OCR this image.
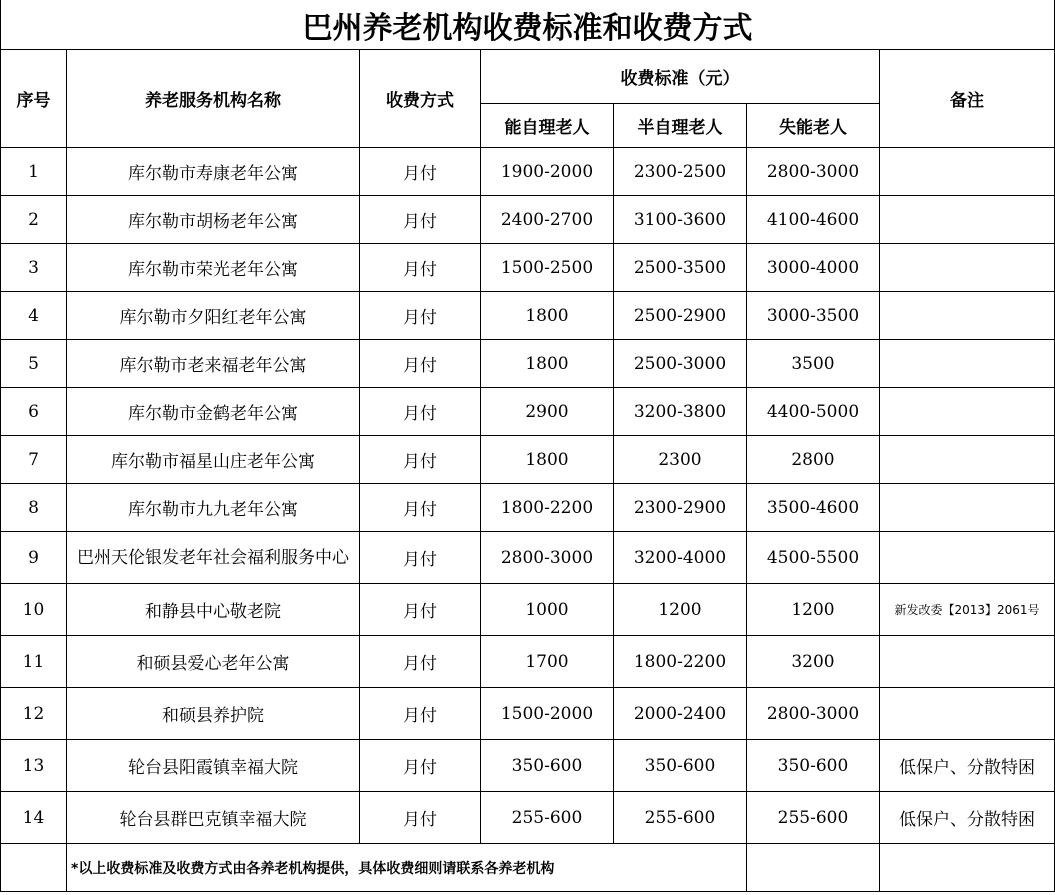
巴州养老机构收费标准和收费方式						
序号	养老服务机构名称	收费方式	收费标准（元）			备注
			能自理老人	半自理老人	失能老人	
1	库尔勒市寿康老年公寓	月付	1900-2000	2300-2500	2800-3000	
2	库尔勒市胡杨老年公寓	月付	2400-2700	3100-3600	4100-4600	
3	库尔勒市荣光老年公寓	月付	1500-2500	2500-3500	3000-4000	
4	库尔勒市夕阳红老年公寓	月付	1800	2500-2900	3000-3500	
5	库尔勒市老来福老年公寓	月付	1800	2500-3000	3500	
6	库尔勒市金鹤老年公寓	月付	2900	3200-3800	4400-5000	
7	库尔勒市福星山庄老年公寓	月付	1800	2300	2800	
8	库尔勒市九九老年公寓	月付	1800-2200	2300-2900	3500-4600	
9	巴州天伦银发老年社会福利服务中心	月付	2800-3000	3200-4000	4500-5500	
10	和静县中心敬老院	月付	1000	1200	1200	新发改委【2013】2061号
11	和硕县爱心老年公寓	月付	1700	1800-2200	3200	
12	和硕县养护院	月付	1500-2000	2000-2400	2800-3000	
13	轮台县阳霞镇幸福大院	月付	350-600	350-600	350-600	低保户、分散特困
14	轮台县群巴克镇幸福大院	月付	255-600	255-600	255-600	低保户、分散特困
	*以上收费标准及收费方式由各养老机构提供，具体收费细则请联系各养老机构					
